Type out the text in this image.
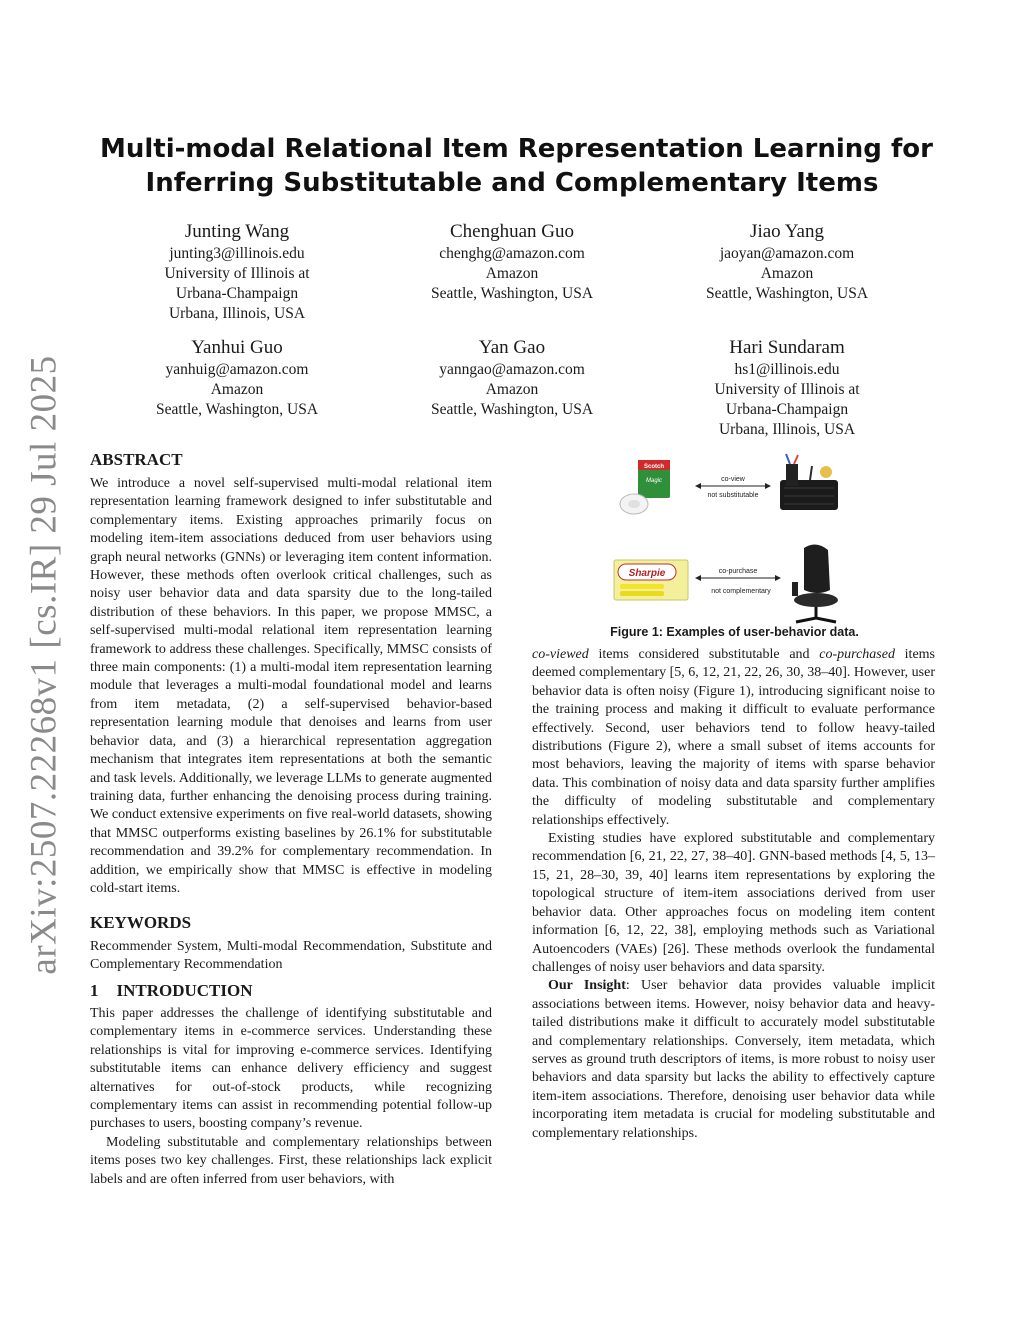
arXiv:2507.22268v1 [cs.IR] 29 Jul 2025
Multi-modal Relational Item Representation Learning for
Inferring Substitutable and Complementary Items
Junting Wang
junting3@illinois.edu
University of Illinois at
Urbana-Champaign
Urbana, Illinois, USA
Chenghuan Guo
chenghg@amazon.com
Amazon
Seattle, Washington, USA
Jiao Yang
jaoyan@amazon.com
Amazon
Seattle, Washington, USA
Yanhui Guo
yanhuig@amazon.com
Amazon
Seattle, Washington, USA
Yan Gao
yanngao@amazon.com
Amazon
Seattle, Washington, USA
Hari Sundaram
hs1@illinois.edu
University of Illinois at
Urbana-Champaign
Urbana, Illinois, USA
ABSTRACT

We introduce a novel self-supervised multi-modal relational item representation learning framework designed to infer substitutable and complementary items. Existing approaches primarily focus on modeling item-item associations deduced from user behaviors using graph neural networks (GNNs) or leveraging item content information. However, these methods often overlook critical challenges, such as noisy user behavior data and data sparsity due to the long-tailed distribution of these behaviors. In this paper, we propose MMSC, a self-supervised multi-modal relational item representation learning framework to address these challenges. Specifically, MMSC consists of three main components: (1) a multi-modal item representation learning module that leverages a multi-modal foundational model and learns from item metadata, (2) a self-supervised behavior-based representation learning module that denoises and learns from user behavior data, and (3) a hierarchical representation aggregation mechanism that integrates item representations at both the semantic and task levels. Additionally, we leverage LLMs to generate augmented training data, further enhancing the denoising process during training. We conduct extensive experiments on five real-world datasets, showing that MMSC outperforms existing baselines by 26.1% for substitutable recommendation and 39.2% for complementary recommendation. In addition, we empirically show that MMSC is effective in modeling cold-start items.

KEYWORDS

Recommender System, Multi-modal Recommendation, Substitute and Complementary Recommendation

1 INTRODUCTION

This paper addresses the challenge of identifying substitutable and complementary items in e-commerce services. Understanding these relationships is vital for improving e-commerce services. Identifying substitutable items can enhance delivery efficiency and suggest alternatives for out-of-stock products, while recognizing complementary items can assist in recommending potential follow-up purchases to users, boosting company’s revenue.

Modeling substitutable and complementary relationships between items poses two key challenges. First, these relationships lack explicit labels and are often inferred from user behaviors, with

Scotch
Magic	co-view
not substitutable
Sharpie	co-purchase
not complementary
Figure 1: Examples of user-behavior data.

co-viewed items considered substitutable and co-purchased items deemed complementary [5, 6, 12, 21, 22, 26, 30, 38–40]. However, user behavior data is often noisy (Figure 1), introducing significant noise to the training process and making it difficult to evaluate performance effectively. Second, user behaviors tend to follow heavy-tailed distributions (Figure 2), where a small subset of items accounts for most behaviors, leaving the majority of items with sparse behavior data. This combination of noisy data and data sparsity further amplifies the difficulty of modeling substitutable and complementary relationships effectively.

Existing studies have explored substitutable and complementary recommendation [6, 21, 22, 27, 38–40]. GNN-based methods [4, 5, 13–15, 21, 28–30, 39, 40] learns item representations by exploring the topological structure of item-item associations derived from user behavior data. Other approaches focus on modeling item content information [6, 12, 22, 38], employing methods such as Variational Autoencoders (VAEs) [26]. These methods overlook the fundamental challenges of noisy user behaviors and data sparsity.

Our Insight: User behavior data provides valuable implicit associations between items. However, noisy behavior data and heavy-tailed distributions make it difficult to accurately model substitutable and complementary relationships. Conversely, item metadata, which serves as ground truth descriptors of items, is more robust to noisy user behaviors and data sparsity but lacks the ability to effectively capture item-item associations. Therefore, denoising user behavior data while incorporating item metadata is crucial for modeling substitutable and complementary relationships.
